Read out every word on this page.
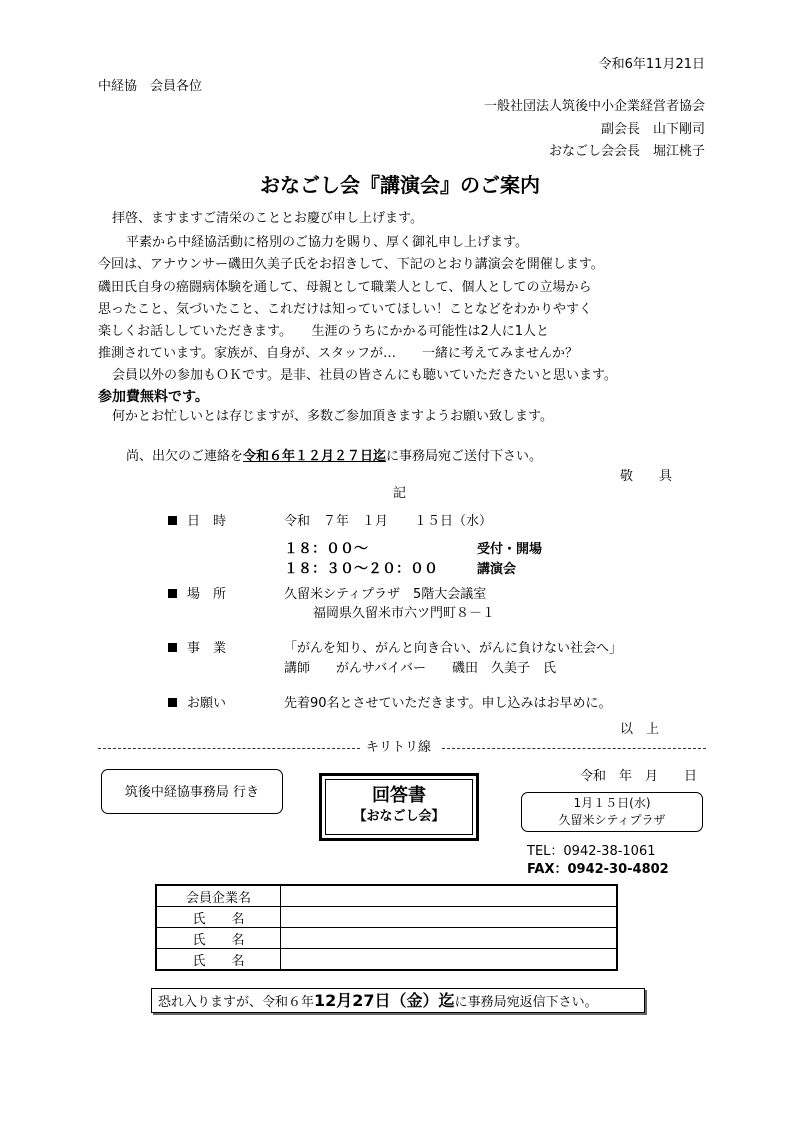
令和6年11月21日
中経協　会員各位
一般社団法人筑後中小企業経営者協会
副会長　山下剛司
おなごし会会長　堀江桃子
おなごし会『講演会』のご案内
拝啓、ますますご清栄のこととお慶び申し上げます。
平素から中経協活動に格別のご協力を賜り、厚く御礼申し上げます。
今回は、アナウンサー磯田久美子氏をお招きして、下記のとおり講演会を開催します。
磯田氏自身の癌闘病体験を通して、母親として職業人として、個人としての立場から
思ったこと、気づいたこと、これだけは知っていてほしい！ことなどをわかりやすく
楽しくお話ししていただきます。　　生涯のうちにかかる可能性は2人に1人と
推測されています。家族が、自身が、スタッフが…　　一緒に考えてみませんか？
会員以外の参加もＯＫです。是非、社員の皆さんにも聴いていただきたいと思います。
参加費無料です。
何かとお忙しいとは存じますが、多数ご参加頂きますようお願い致します。
尚、出欠のご連絡を令和６年１２月２７日迄に事務局宛ご送付下さい。
敬　　具
記
日　時	令和　７年　１月　　１５日（水）
１８：００～	受付・開場
１８：３０～２０：００	講演会
場　所	久留米シティプラザ　5階大会議室
福岡県久留米市六ツ門町８－１
事　業	「がんを知り、がんと向き合い、がんに負けない社会へ」
講師　　がんサバイバー　　磯田　久美子　氏
お願い	先着90名とさせていただきます。申し込みはお早めに。
以　上
キリトリ線
筑後中経協事務局 行き	回答書
【おなごし会】
令和　年　月　　日
1月１５日(水)
久留米シティプラザ
TEL：0942-38-1061
FAX：0942-30-4802
会員企業名	
氏　　名	
氏　　名	
氏　　名	
恐れ入りますが、令和６年12月27日（金）迄に事務局宛返信下さい。
